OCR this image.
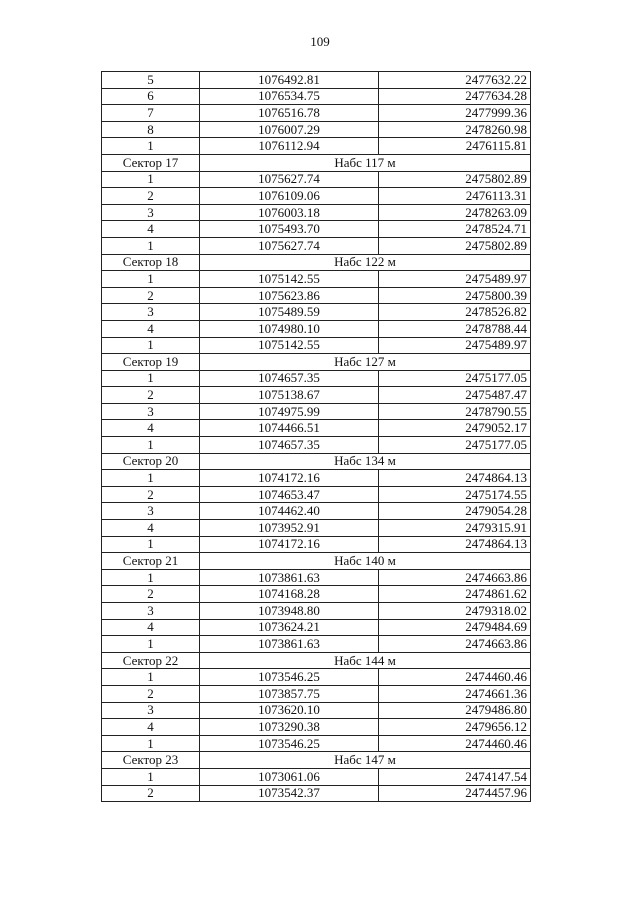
109
5	1076492.81	2477632.22
6	1076534.75	2477634.28
7	1076516.78	2477999.36
8	1076007.29	2478260.98
1	1076112.94	2476115.81
Сектор 17	Набс 117 м	
1	1075627.74	2475802.89
2	1076109.06	2476113.31
3	1076003.18	2478263.09
4	1075493.70	2478524.71
1	1075627.74	2475802.89
Сектор 18	Набс 122 м	
1	1075142.55	2475489.97
2	1075623.86	2475800.39
3	1075489.59	2478526.82
4	1074980.10	2478788.44
1	1075142.55	2475489.97
Сектор 19	Набс 127 м	
1	1074657.35	2475177.05
2	1075138.67	2475487.47
3	1074975.99	2478790.55
4	1074466.51	2479052.17
1	1074657.35	2475177.05
Сектор 20	Набс 134 м	
1	1074172.16	2474864.13
2	1074653.47	2475174.55
3	1074462.40	2479054.28
4	1073952.91	2479315.91
1	1074172.16	2474864.13
Сектор 21	Набс 140 м	
1	1073861.63	2474663.86
2	1074168.28	2474861.62
3	1073948.80	2479318.02
4	1073624.21	2479484.69
1	1073861.63	2474663.86
Сектор 22	Набс 144 м	
1	1073546.25	2474460.46
2	1073857.75	2474661.36
3	1073620.10	2479486.80
4	1073290.38	2479656.12
1	1073546.25	2474460.46
Сектор 23	Набс 147 м	
1	1073061.06	2474147.54
2	1073542.37	2474457.96
